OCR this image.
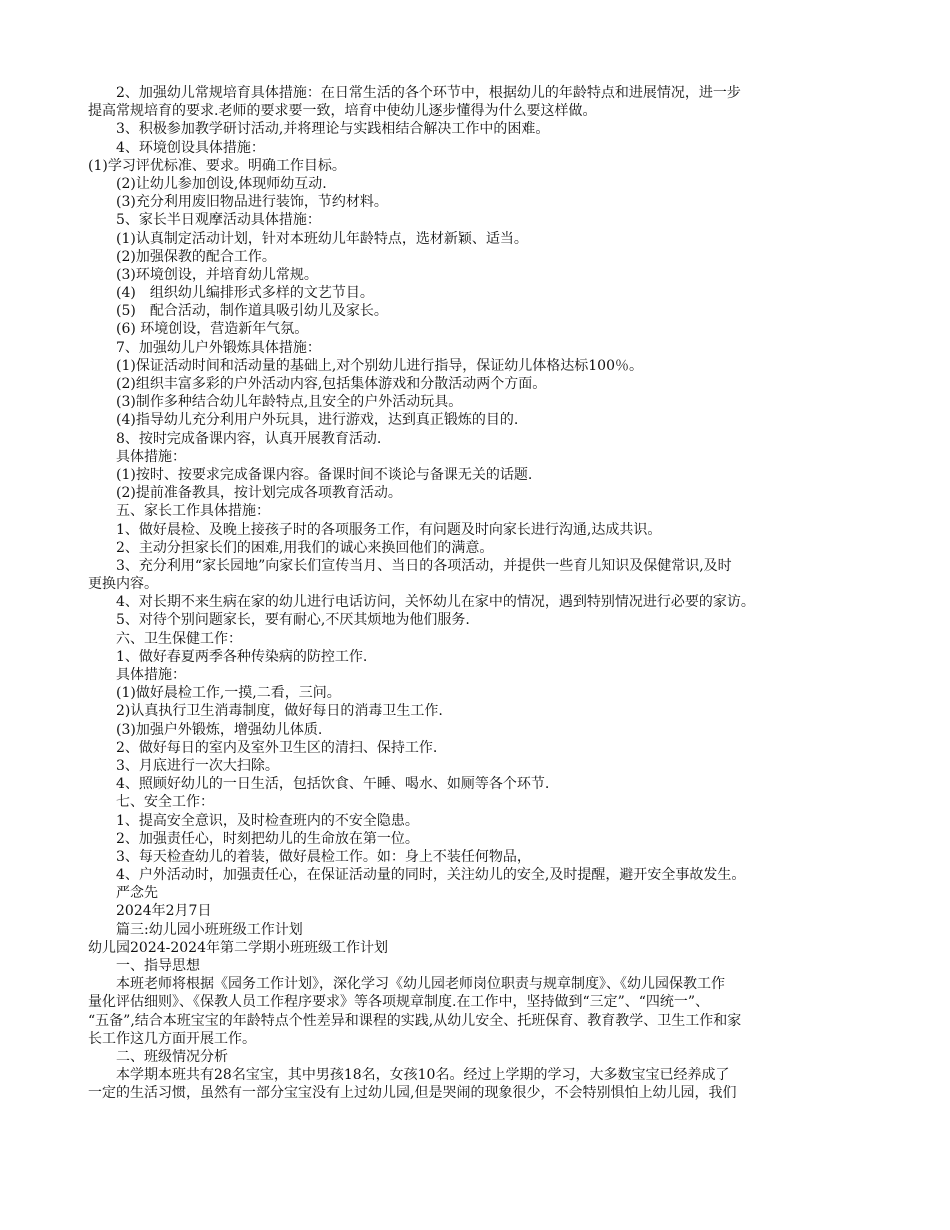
　　2、加强幼儿常规培育具体措施：在日常生活的各个环节中，根据幼儿的年龄特点和进展情况，进一步
提高常规培育的要求.老师的要求要一致，培育中使幼儿逐步懂得为什么要这样做。
　　3、积极参加教学研讨活动,并将理论与实践相结合解决工作中的困难。
　　4、环境创设具体措施：
(1)学习评优标准、要求。明确工作目标。
　　(2)让幼儿参加创设,体现师幼互动.
　　(3)充分利用废旧物品进行装饰，节约材料。
　　5、家长半日观摩活动具体措施：
　　(1)认真制定活动计划，针对本班幼儿年龄特点，选材新颖、适当。
　　(2)加强保教的配合工作。
　　(3)环境创设，并培育幼儿常规。
　　(4)　组织幼儿编排形式多样的文艺节目。
　　(5)　配合活动，制作道具吸引幼儿及家长。
　　(6) 环境创设，营造新年气氛。
　　7、加强幼儿户外锻炼具体措施：
　　(1)保证活动时间和活动量的基础上,对个别幼儿进行指导，保证幼儿体格达标100％。
　　(2)组织丰富多彩的户外活动内容,包括集体游戏和分散活动两个方面。
　　(3)制作多种结合幼儿年龄特点,且安全的户外活动玩具。
　　(4)指导幼儿充分利用户外玩具，进行游戏，达到真正锻炼的目的.
　　8、按时完成备课内容，认真开展教育活动.
　　具体措施：
　　(1)按时、按要求完成备课内容。备课时间不谈论与备课无关的话题.
　　(2)提前准备教具，按计划完成各项教育活动。
　　五、家长工作具体措施：
　　1、做好晨检、及晚上接孩子时的各项服务工作，有问题及时向家长进行沟通,达成共识。
　　2、主动分担家长们的困难,用我们的诚心来换回他们的满意。
　　3、充分利用“家长园地”向家长们宣传当月、当日的各项活动，并提供一些育儿知识及保健常识,及时
更换内容。
　　4、对长期不来生病在家的幼儿进行电话访问，关怀幼儿在家中的情况，遇到特别情况进行必要的家访。
　　5、对待个别问题家长，要有耐心,不厌其烦地为他们服务.
　　六、卫生保健工作：
　　1、做好春夏两季各种传染病的防控工作.
　　具体措施：
　　(1)做好晨检工作,一摸,二看，三问。
　　2)认真执行卫生消毒制度，做好每日的消毒卫生工作.
　　(3)加强户外锻炼，增强幼儿体质.
　　2、做好每日的室内及室外卫生区的清扫、保持工作.
　　3、月底进行一次大扫除。
　　4、照顾好幼儿的一日生活，包括饮食、午睡、喝水、如厕等各个环节.
　　七、安全工作：
　　1、提高安全意识，及时检查班内的不安全隐患。
　　2、加强责任心，时刻把幼儿的生命放在第一位。
　　3、每天检查幼儿的着装，做好晨检工作。如：身上不装任何物品，
　　4、户外活动时，加强责任心，在保证活动量的同时，关注幼儿的安全,及时提醒，避开安全事故发生。
　　严念先
　　2024年2月7日
　　篇三:幼儿园小班班级工作计划
幼儿园2024-2024年第二学期小班班级工作计划
　　一、指导思想
　　本班老师将根据《园务工作计划》，深化学习《幼儿园老师岗位职责与规章制度》、《幼儿园保教工作
量化评估细则》、《保教人员工作程序要求》等各项规章制度.在工作中，坚持做到“三定”、“四统一”、
“五备”,结合本班宝宝的年龄特点个性差异和课程的实践,从幼儿安全、托班保育、教育教学、卫生工作和家
长工作这几方面开展工作。
　　二、班级情况分析
　　本学期本班共有28名宝宝，其中男孩18名，女孩10名。经过上学期的学习，大多数宝宝已经养成了
一定的生活习惯，虽然有一部分宝宝没有上过幼儿园,但是哭闹的现象很少，不会特别惧怕上幼儿园，我们
